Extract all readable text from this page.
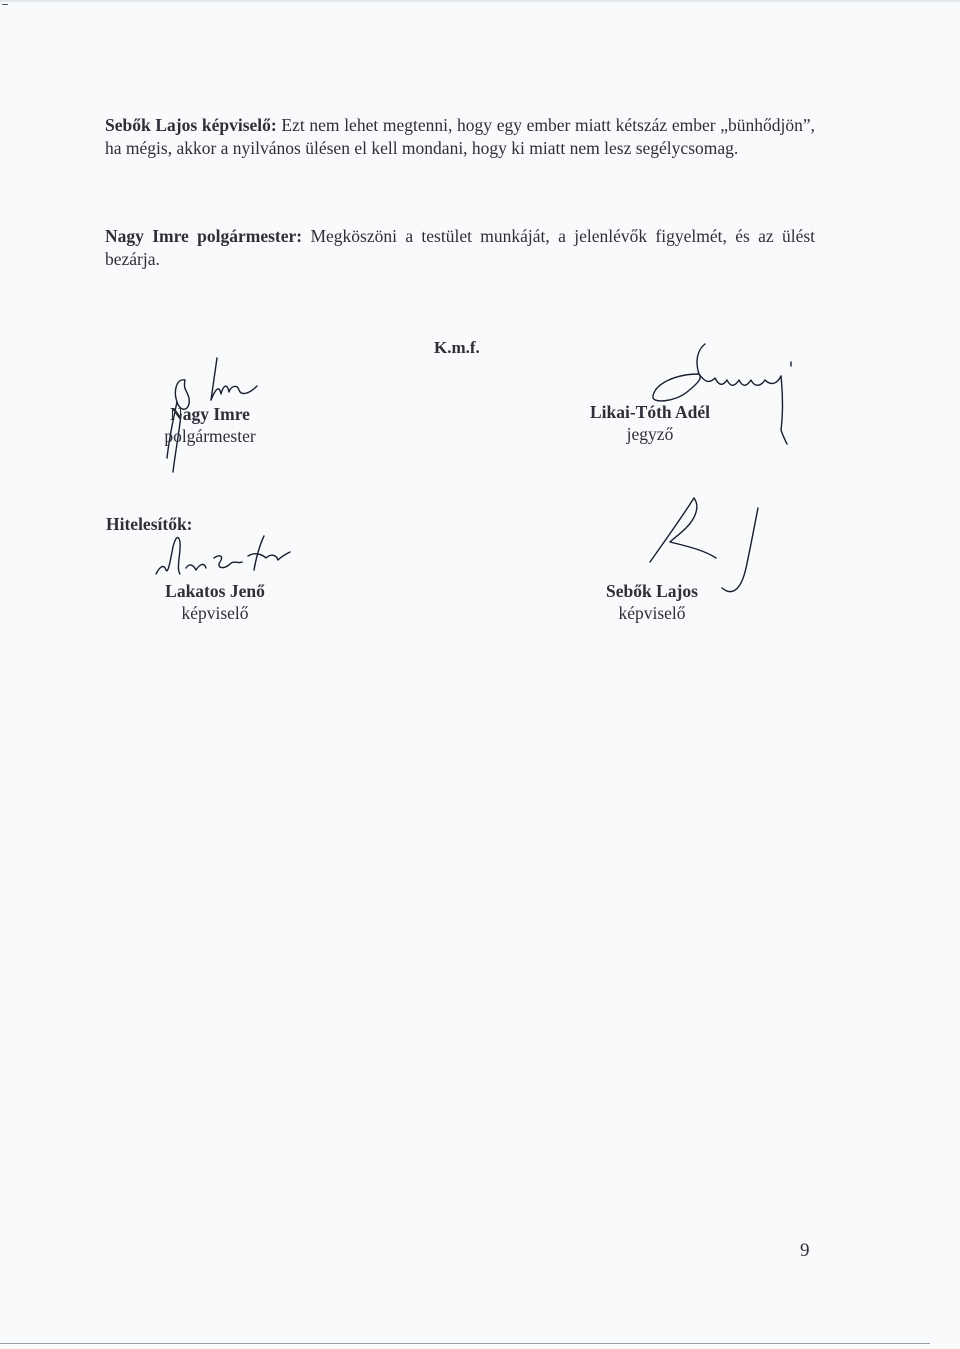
Sebők Lajos képviselő: Ezt nem lehet megtenni, hogy egy ember miatt kétszáz ember „bünhődjön”, ha mégis, akkor a nyilvános ülésen el kell mondani, hogy ki miatt nem lesz segélycsomag.

Nagy Imre polgármester: Megköszöni a testület munkáját, a jelenlévők figyelmét, és az ülést bezárja.

K.m.f.
Nagy Imre
polgármester
Likai-Tóth Adél
jegyző
Hitelesítők:
Lakatos Jenő
képviselő
Sebők Lajos
képviselő
9
